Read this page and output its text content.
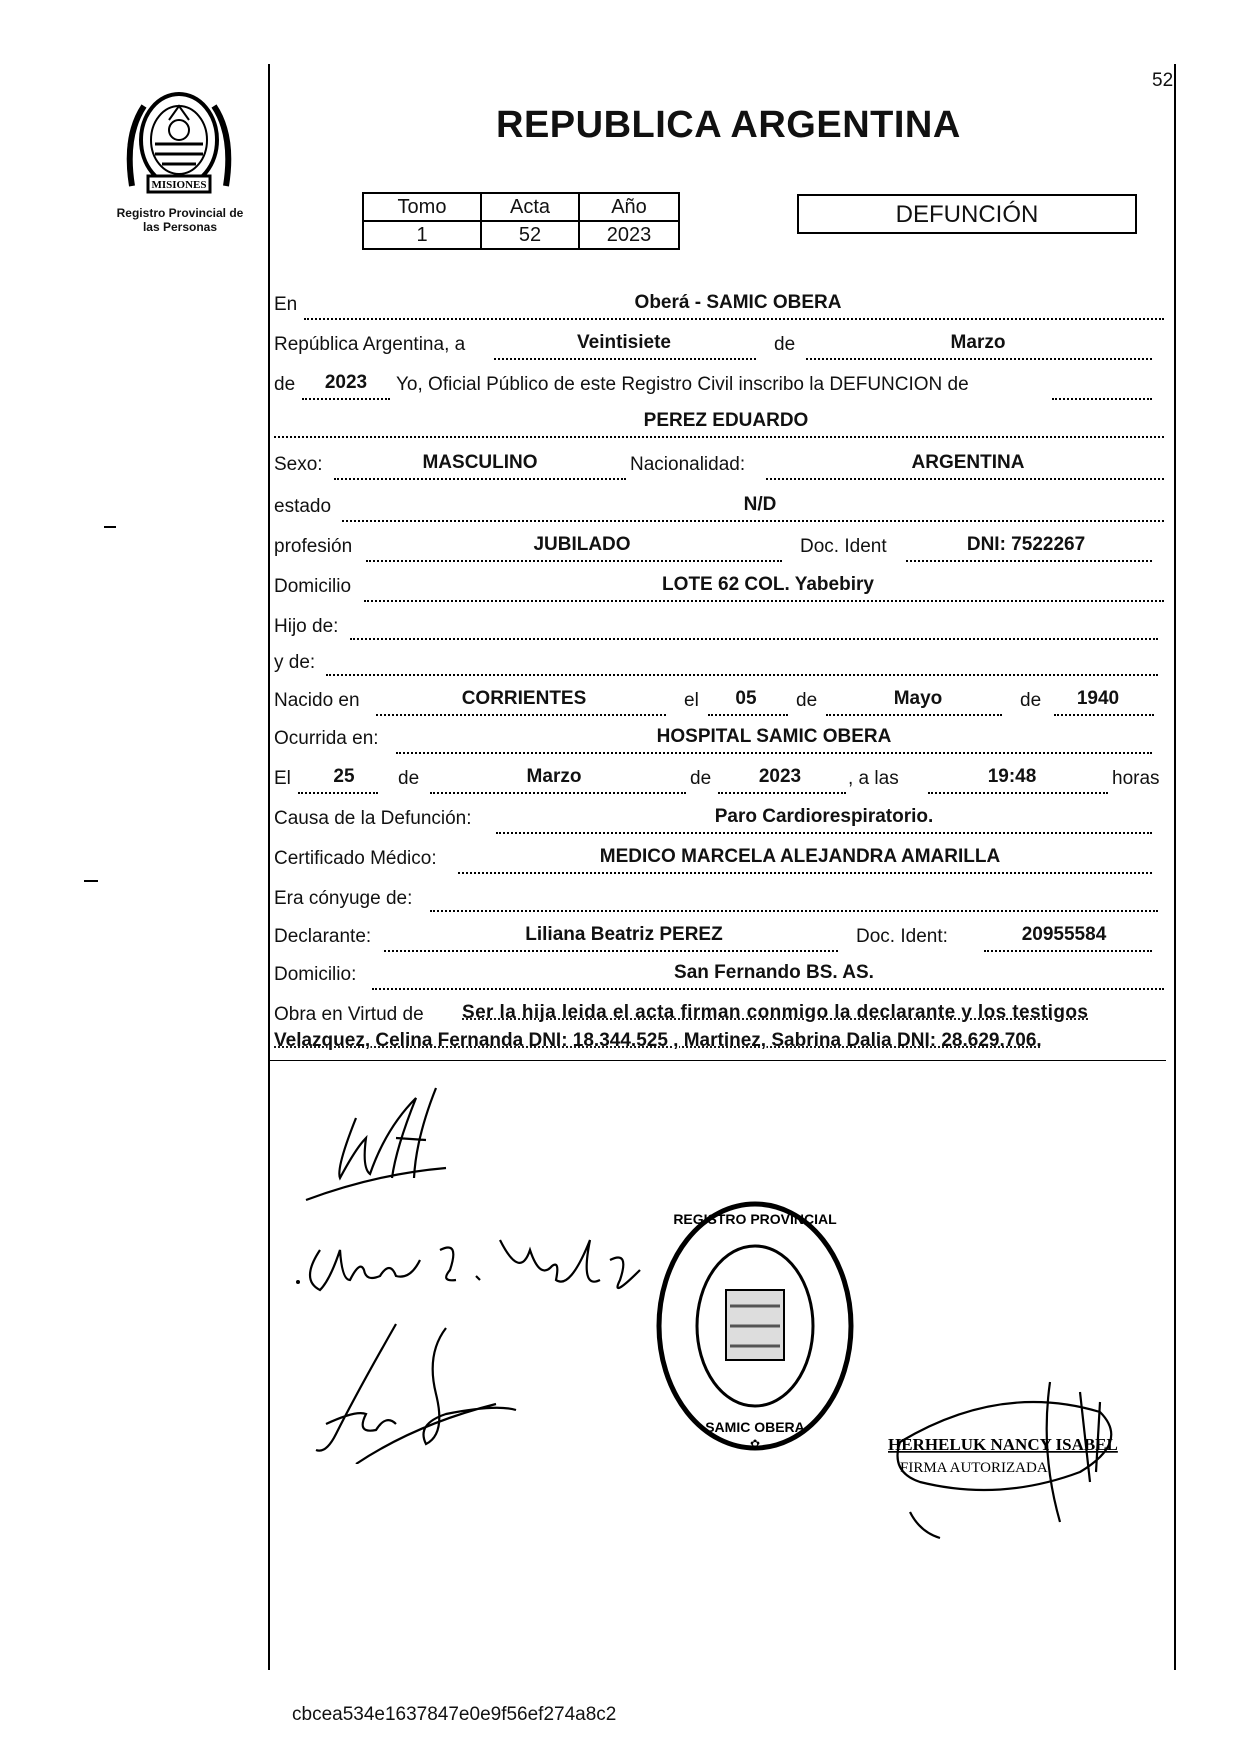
52
MISIONES
Registro Provincial de
las Personas
REPUBLICA ARGENTINA
Tomo	Acta	Año
1	52	2023
DEFUNCIÓN
En	Oberá - SAMIC OBERA
República Argentina, a	Veintisiete	de	Marzo
de 2023 Yo, Oficial Público de este Registro Civil inscribo la DEFUNCION de
PEREZ EDUARDO
Sexo:	MASCULINO	Nacionalidad:	ARGENTINA
estado	N/D
profesión	JUBILADO	Doc. Ident	DNI: 7522267
Domicilio	LOTE 62 COL. Yabebiry
Hijo de:
y de:
Nacido en	CORRIENTES	el 05 de	Mayo	de 1940
Ocurrida en:	HOSPITAL SAMIC OBERA
El 25 de	Marzo	de	2023 , a las	19:48	horas
Causa de la Defunción:	Paro Cardiorespiratorio.
Certificado Médico:	MEDICO MARCELA ALEJANDRA AMARILLA
Era cónyuge de:
Declarante:	Liliana Beatriz PEREZ	Doc. Ident:	20955584
Domicilio:	San Fernando BS. AS.
Obra en Virtud de Ser la hija leida el acta firman conmigo la declarante y los testigos
Velazquez, Celina Fernanda DNI: 18.344.525 , Martinez, Sabrina Dalia DNI: 28.629.706.
REGISTRO PROVINCIAL
SAMIC OBERA
✿	HERHELUK NANCY ISABEL
FIRMA AUTORIZADA
cbcea534e1637847e0e9f56ef274a8c2
